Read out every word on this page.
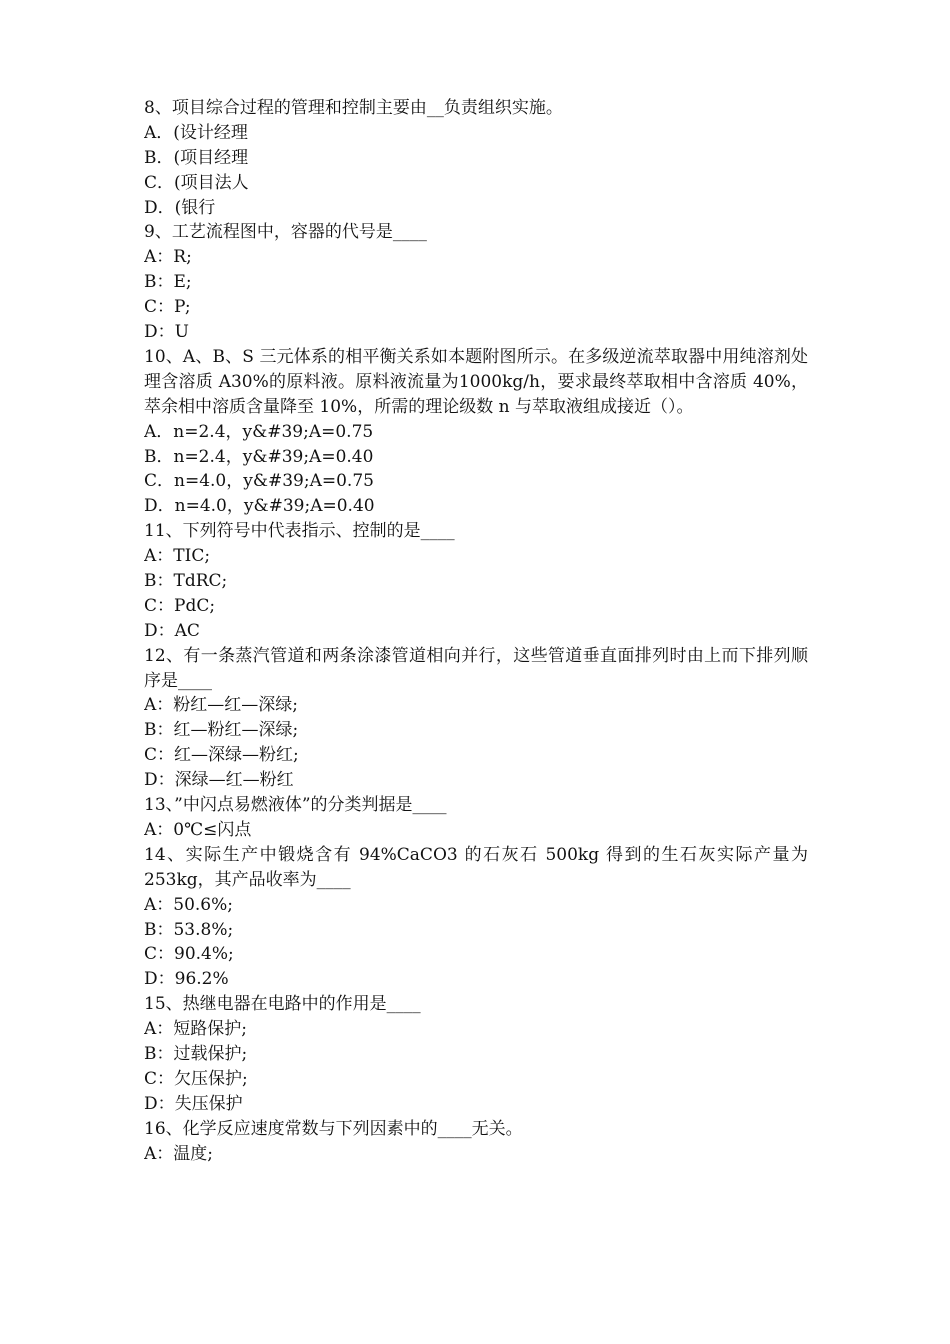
8、项目综合过程的管理和控制主要由__负责组织实施。
A．(设计经理
B．(项目经理
C．(项目法人
D．(银行
9、工艺流程图中，容器的代号是____
A：R;
B：E;
C：P;
D：U
10、A、B、S 三元体系的相平衡关系如本题附图所示。在多级逆流萃取器中用纯溶剂处理含溶质 A30%的原料液。原料液流量为1000kg/h，要求最终萃取相中含溶质 40%，萃余相中溶质含量降至 10%，所需的理论级数 n 与萃取液组成接近（）。
A．n=2.4，y&#39;A=0.75
B．n=2.4，y&#39;A=0.40
C．n=4.0，y&#39;A=0.75
D．n=4.0，y&#39;A=0.40
11、下列符号中代表指示、控制的是____
A：TIC;
B：TdRC;
C：PdC;
D：AC
12、有一条蒸汽管道和两条涂漆管道相向并行，这些管道垂直面排列时由上而下排列顺序是____
A：粉红—红—深绿;
B：红—粉红—深绿;
C：红—深绿—粉红;
D：深绿—红—粉红
13、”中闪点易燃液体”的分类判据是____
A：0℃≤闪点
14、实际生产中锻烧含有 94%CaCO3 的石灰石 500kg 得到的生石灰实际产量为253kg，其产品收率为____
A：50.6%;
B：53.8%;
C：90.4%;
D：96.2%
15、热继电器在电路中的作用是____
A：短路保护;
B：过载保护;
C：欠压保护;
D：失压保护
16、化学反应速度常数与下列因素中的____无关。
A：温度;
